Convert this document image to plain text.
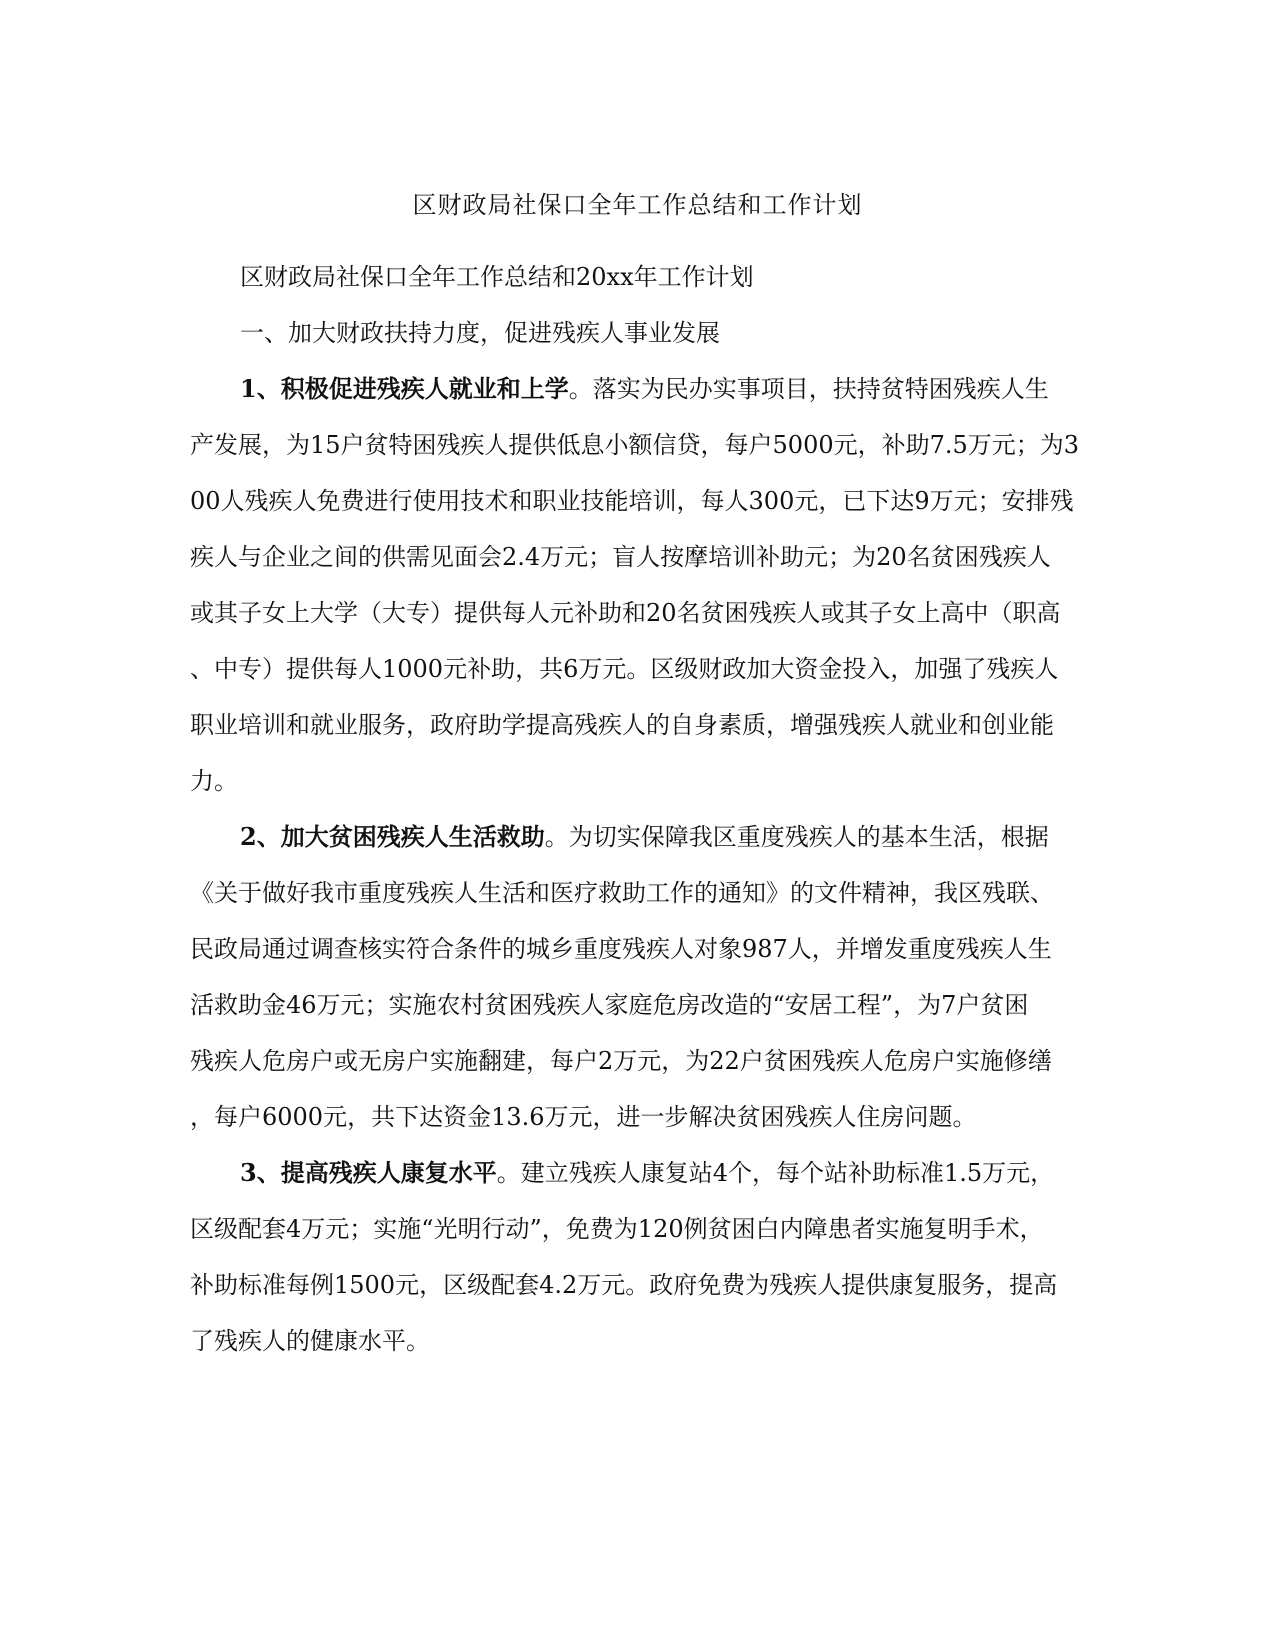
区财政局社保口全年工作总结和工作计划
区财政局社保口全年工作总结和20xx年工作计划
一、加大财政扶持力度，促进残疾人事业发展
1、积极促进残疾人就业和上学。落实为民办实事项目，扶持贫特困残疾人生
产发展，为15户贫特困残疾人提供低息小额信贷，每户5000元，补助7.5万元；为3
00人残疾人免费进行使用技术和职业技能培训，每人300元，已下达9万元；安排残
疾人与企业之间的供需见面会2.4万元；盲人按摩培训补助元；为20名贫困残疾人
或其子女上大学（大专）提供每人元补助和20名贫困残疾人或其子女上高中（职高
、中专）提供每人1000元补助，共6万元。区级财政加大资金投入，加强了残疾人
职业培训和就业服务，政府助学提高残疾人的自身素质，增强残疾人就业和创业能
力。
2、加大贫困残疾人生活救助。为切实保障我区重度残疾人的基本生活，根据
《关于做好我市重度残疾人生活和医疗救助工作的通知》的文件精神，我区残联、
民政局通过调查核实符合条件的城乡重度残疾人对象987人，并增发重度残疾人生
活救助金46万元；实施农村贫困残疾人家庭危房改造的“安居工程”，为7户贫困
残疾人危房户或无房户实施翻建，每户2万元，为22户贫困残疾人危房户实施修缮
，每户6000元，共下达资金13.6万元，进一步解决贫困残疾人住房问题。
3、提高残疾人康复水平。建立残疾人康复站4个，每个站补助标准1.5万元，
区级配套4万元；实施“光明行动”，免费为120例贫困白内障患者实施复明手术，
补助标准每例1500元，区级配套4.2万元。政府免费为残疾人提供康复服务，提高
了残疾人的健康水平。
